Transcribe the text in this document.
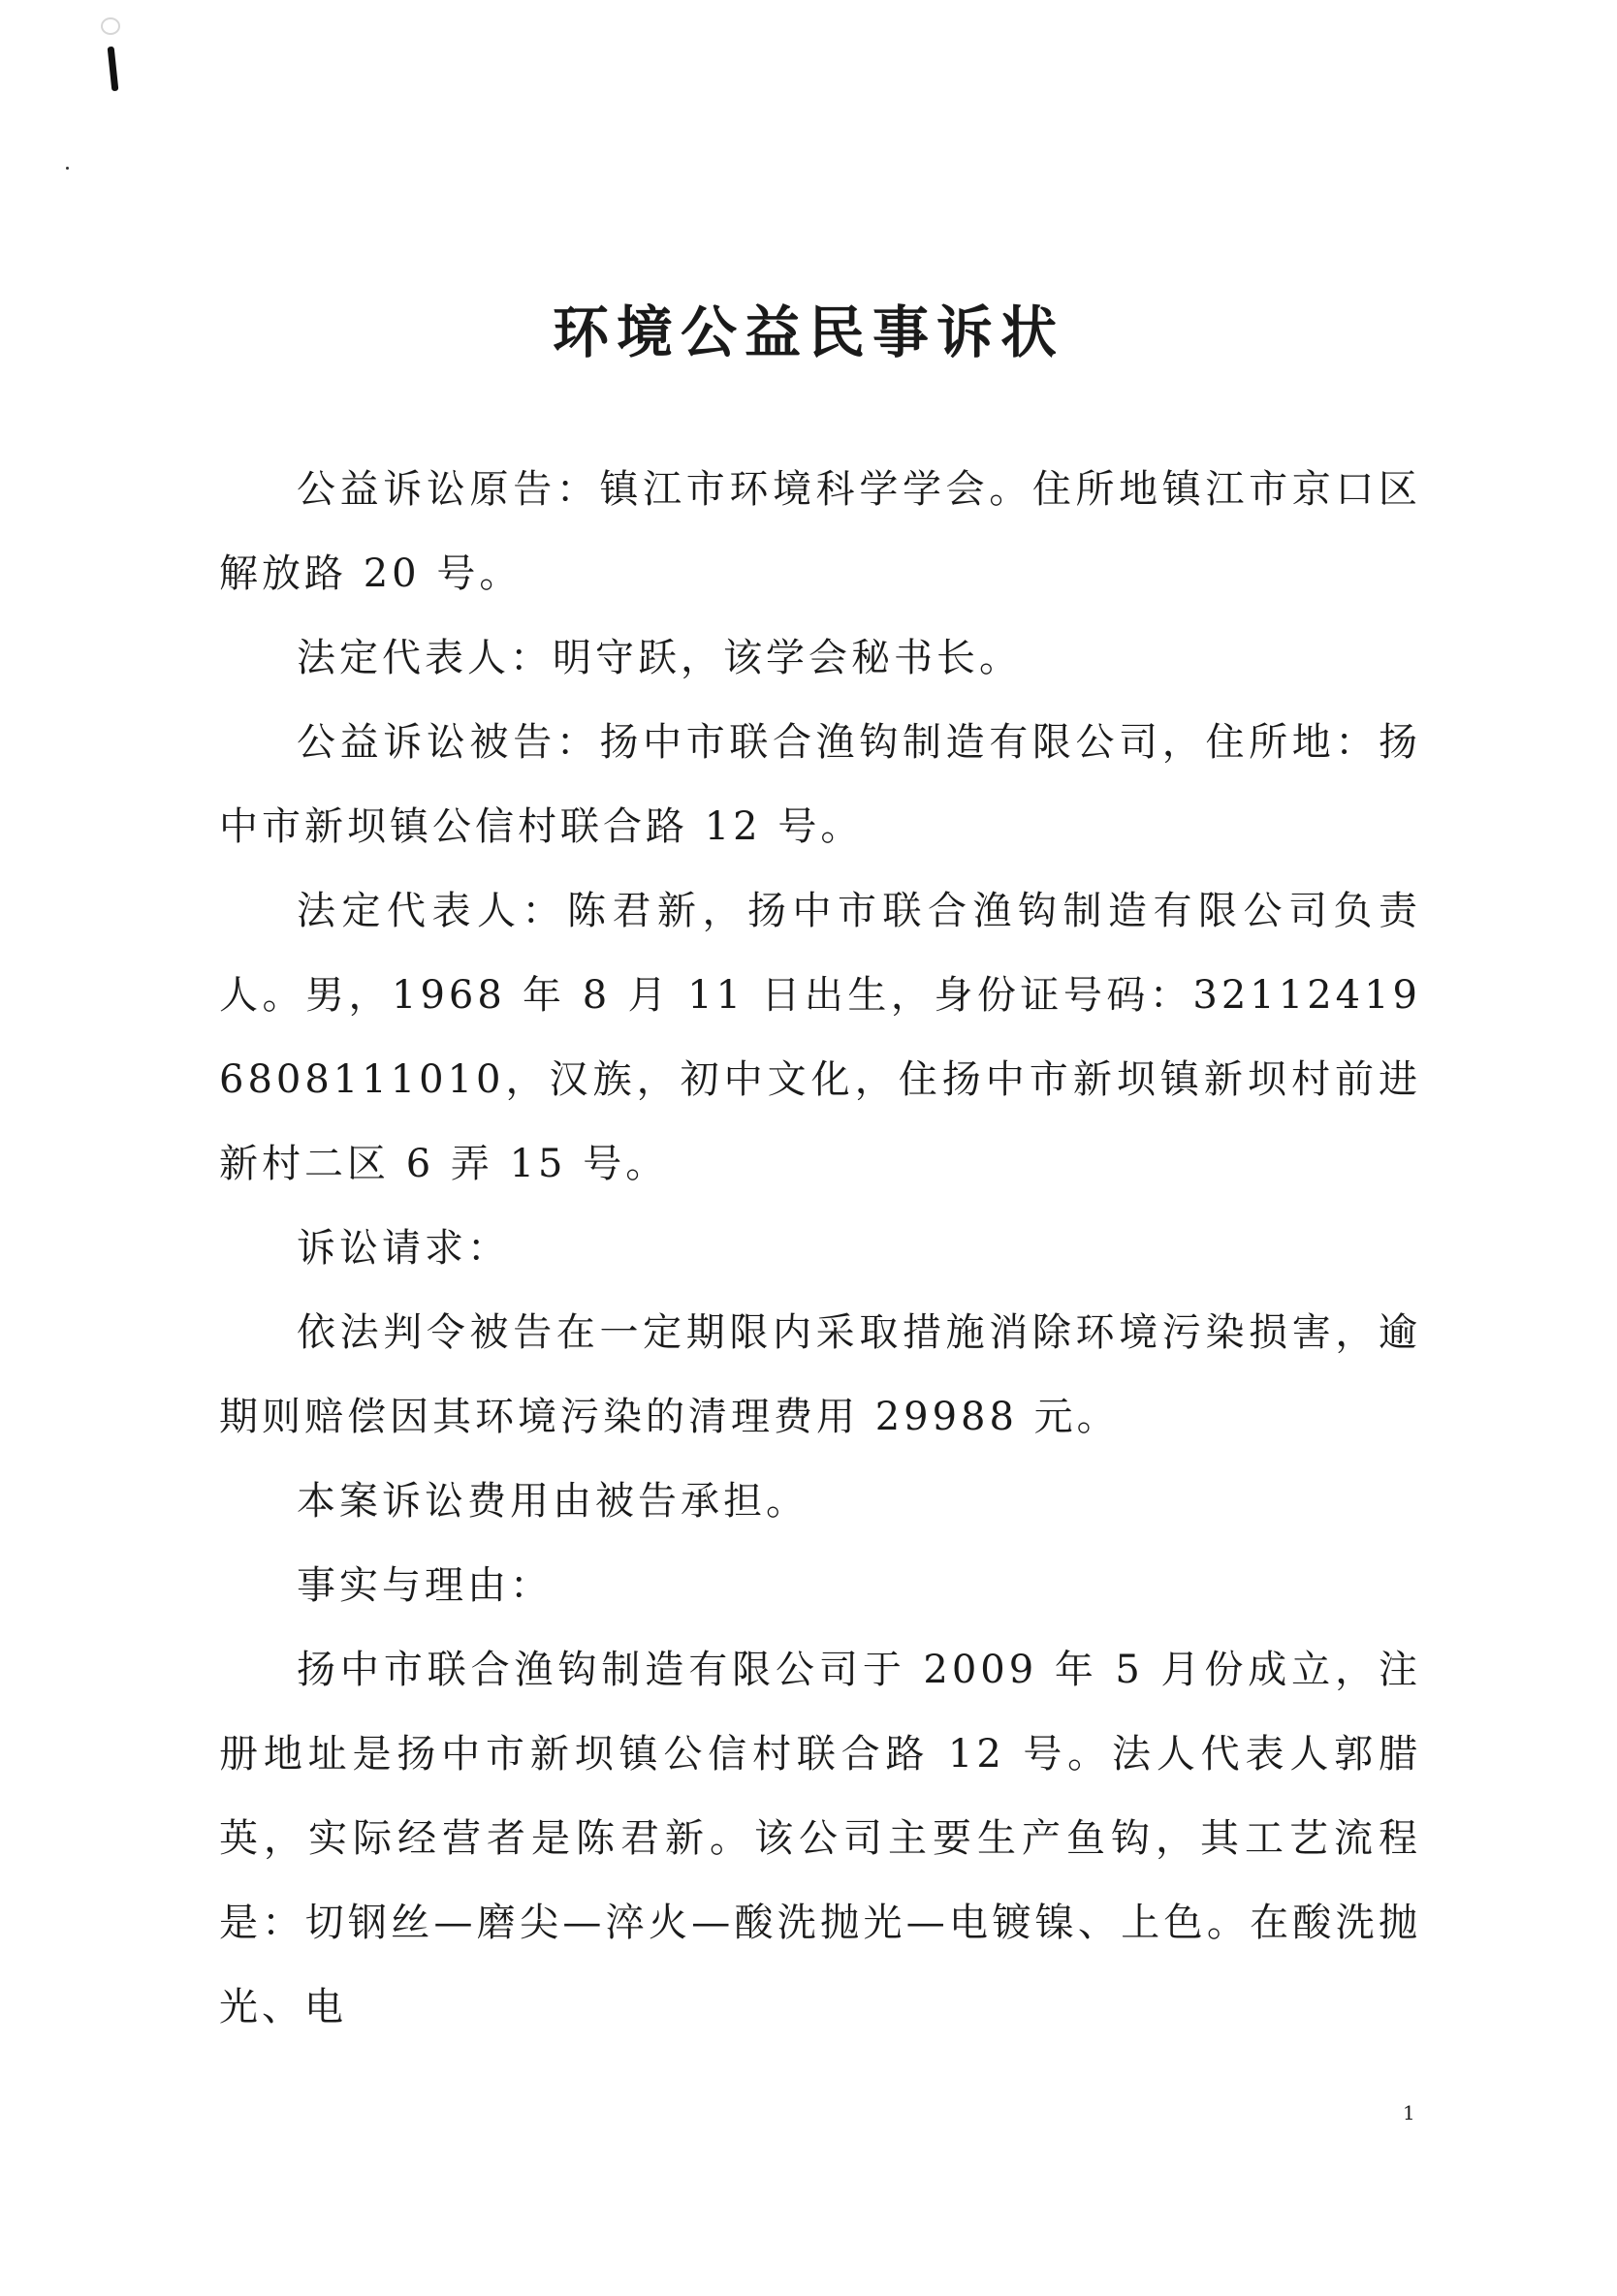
环境公益民事诉状

公益诉讼原告：镇江市环境科学学会。住所地镇江市京口区解放路 20 号。

法定代表人：明守跃，该学会秘书长。

公益诉讼被告：扬中市联合渔钩制造有限公司，住所地：扬中市新坝镇公信村联合路 12 号。

法定代表人：陈君新，扬中市联合渔钩制造有限公司负责人。男，1968 年 8 月 11 日出生，身份证号码：321124196808111010，汉族，初中文化，住扬中市新坝镇新坝村前进新村二区 6 弄 15 号。

诉讼请求：

依法判令被告在一定期限内采取措施消除环境污染损害，逾期则赔偿因其环境污染的清理费用 29988 元。

本案诉讼费用由被告承担。

事实与理由：

扬中市联合渔钩制造有限公司于 2009 年 5 月份成立，注册地址是扬中市新坝镇公信村联合路 12 号。法人代表人郭腊英，实际经营者是陈君新。该公司主要生产鱼钩，其工艺流程是：切钢丝—磨尖—淬火—酸洗抛光—电镀镍、上色。在酸洗抛光、电

1
